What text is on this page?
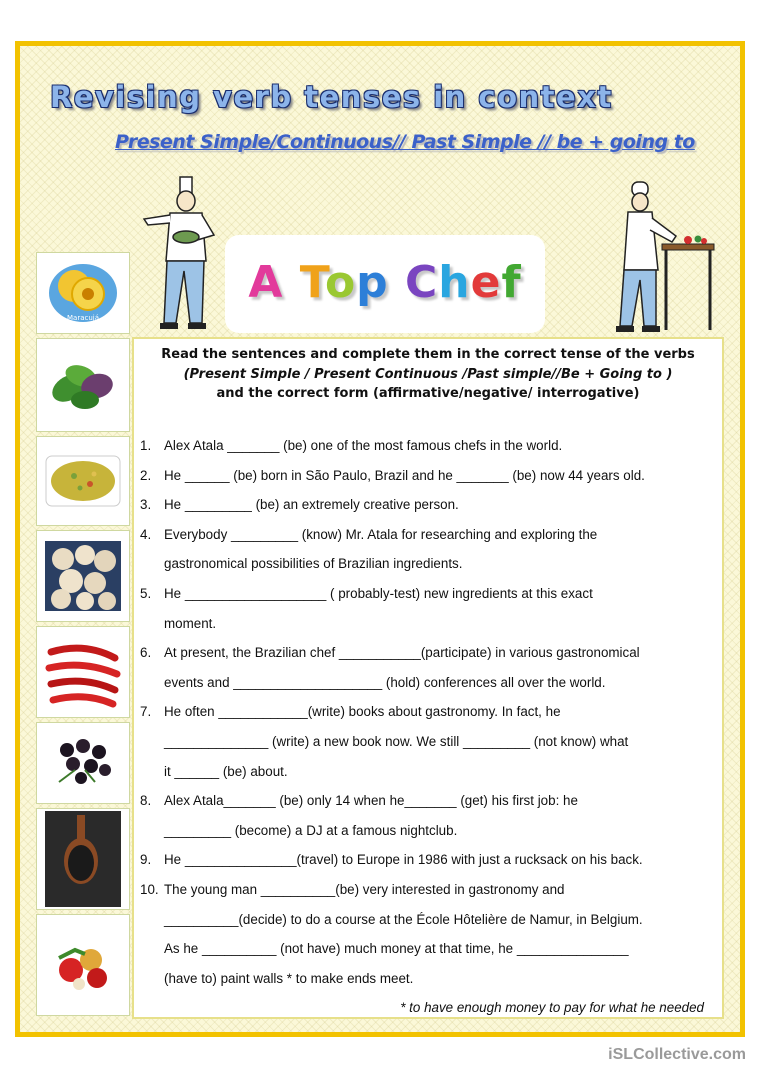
Revising verb tenses in context
Present Simple/Continuous// Past Simple // be + going to
A Top Chef
Maracujá
Read the sentences and complete them in the correct tense of the verbs
(Present Simple / Present Continuous /Past simple//Be + Going to )
and the correct form (affirmative/negative/ interrogative)
1. Alex Atala _______ (be) one of the most famous chefs in the world.
2. He ______ (be) born in São Paulo, Brazil and he _______ (be) now 44 years old.
3. He _________ (be) an extremely creative person.
4. Everybody _________ (know) Mr. Atala for researching and exploring the
gastronomical possibilities of Brazilian ingredients.
5. He ___________________ ( probably-test) new ingredients at this exact
moment.
6. At present, the Brazilian chef ___________(participate) in various gastronomical
events and ____________________ (hold) conferences all over the world.
7. He often ____________(write) books about gastronomy. In fact, he
______________ (write) a new book now. We still _________ (not know) what
it ______ (be) about.
8. Alex Atala_______ (be) only 14 when he_______ (get) his first job: he
_________ (become) a DJ at a famous nightclub.
9. He _______________(travel) to Europe in 1986 with just a rucksack on his back.
10. The young man __________(be) very interested in gastronomy and
__________(decide) to do a course at the École Hôtelière de Namur, in Belgium.
As he __________ (not have) much money at that time, he _______________
(have to) paint walls * to make ends meet.
* to have enough money to pay for what he needed
iSLCollective.com
